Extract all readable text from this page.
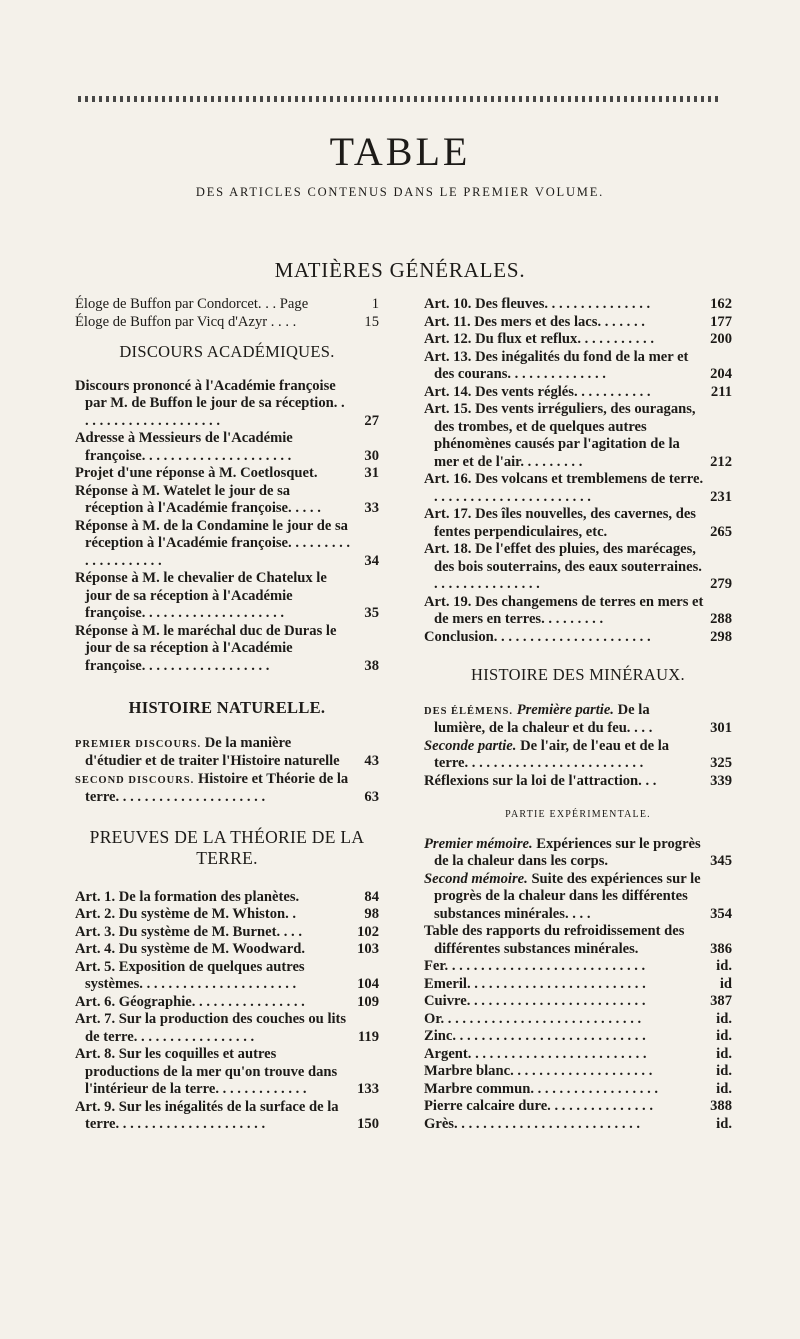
TABLE
DES ARTICLES CONTENUS DANS LE PREMIER VOLUME.
MATIÈRES GÉNÉRALES.
Éloge de Buffon par Condorcet. . . Page	1
Éloge de Buffon par Vicq d'Azyr . . . .	15
DISCOURS ACADÉMIQUES.
Discours prononcé à l'Académie françoise par M. de Buffon le jour de sa réception. . . . . . . . . . . . . . . . . . . . .	27
Adresse à Messieurs de l'Académie françoise. . . . . . . . . . . . . . . . . . . . .	30
Projet d'une réponse à M. Coetlosquet.	31
Réponse à M. Watelet le jour de sa réception à l'Académie françoise. . . . .	33
Réponse à M. de la Condamine le jour de sa réception à l'Académie françoise. . . . . . . . . . . . . . . . . . . .	34
Réponse à M. le chevalier de Chatelux le jour de sa réception à l'Académie françoise. . . . . . . . . . . . . . . . . . . .	35
Réponse à M. le maréchal duc de Duras le jour de sa réception à l'Académie françoise. . . . . . . . . . . . . . . . . .	38
HISTOIRE NATURELLE.
PREMIER DISCOURS. De la manière d'étudier et de traiter l'Histoire naturelle	43
SECOND DISCOURS. Histoire et Théorie de la terre. . . . . . . . . . . . . . . . . . . . .	63
PREUVES DE LA THÉORIE DE LA TERRE.
Art. 1. De la formation des planètes.	84
Art. 2. Du système de M. Whiston. .	98
Art. 3. Du système de M. Burnet. . . .	102
Art. 4. Du système de M. Woodward.	103
Art. 5. Exposition de quelques autres systèmes. . . . . . . . . . . . . . . . . . . . . .	104
Art. 6. Géographie. . . . . . . . . . . . . . . .	109
Art. 7. Sur la production des couches ou lits de terre. . . . . . . . . . . . . . . . .	119
Art. 8. Sur les coquilles et autres productions de la mer qu'on trouve dans l'intérieur de la terre. . . . . . . . . . . . .	133
Art. 9. Sur les inégalités de la surface de la terre. . . . . . . . . . . . . . . . . . . . .	150
Art. 10. Des fleuves. . . . . . . . . . . . . . .	162
Art. 11. Des mers et des lacs. . . . . . .	177
Art. 12. Du flux et reflux. . . . . . . . . . .	200
Art. 13. Des inégalités du fond de la mer et des courans. . . . . . . . . . . . . .	204
Art. 14. Des vents réglés. . . . . . . . . . .	211
Art. 15. Des vents irréguliers, des ouragans, des trombes, et de quelques autres phénomènes causés par l'agitation de la mer et de l'air. . . . . . . . .	212
Art. 16. Des volcans et tremblemens de terre. . . . . . . . . . . . . . . . . . . . . . .	231
Art. 17. Des îles nouvelles, des cavernes, des fentes perpendiculaires, etc.	265
Art. 18. De l'effet des pluies, des marécages, des bois souterrains, des eaux souterraines. . . . . . . . . . . . . . . .	279
Art. 19. Des changemens de terres en mers et de mers en terres. . . . . . . . .	288
Conclusion. . . . . . . . . . . . . . . . . . . . . .	298
HISTOIRE DES MINÉRAUX.
DES ÉLÉMENS. Première partie. De la lumière, de la chaleur et du feu. . . .	301
Seconde partie. De l'air, de l'eau et de la terre. . . . . . . . . . . . . . . . . . . . . . . . .	325
Réflexions sur la loi de l'attraction. . .	339
PARTIE EXPÉRIMENTALE.
Premier mémoire. Expériences sur le progrès de la chaleur dans les corps.	345
Second mémoire. Suite des expériences sur le progrès de la chaleur dans les différentes substances minérales. . . .	354
Table des rapports du refroidissement des différentes substances minérales.	386
Fer. . . . . . . . . . . . . . . . . . . . . . . . . . . .	id.
Emeril. . . . . . . . . . . . . . . . . . . . . . . . .	id
Cuivre. . . . . . . . . . . . . . . . . . . . . . . . .	387
Or. . . . . . . . . . . . . . . . . . . . . . . . . . . .	id.
Zinc. . . . . . . . . . . . . . . . . . . . . . . . . . .	id.
Argent. . . . . . . . . . . . . . . . . . . . . . . . .	id.
Marbre blanc. . . . . . . . . . . . . . . . . . . .	id.
Marbre commun. . . . . . . . . . . . . . . . . .	id.
Pierre calcaire dure. . . . . . . . . . . . . . .	388
Grès. . . . . . . . . . . . . . . . . . . . . . . . . .	id.
